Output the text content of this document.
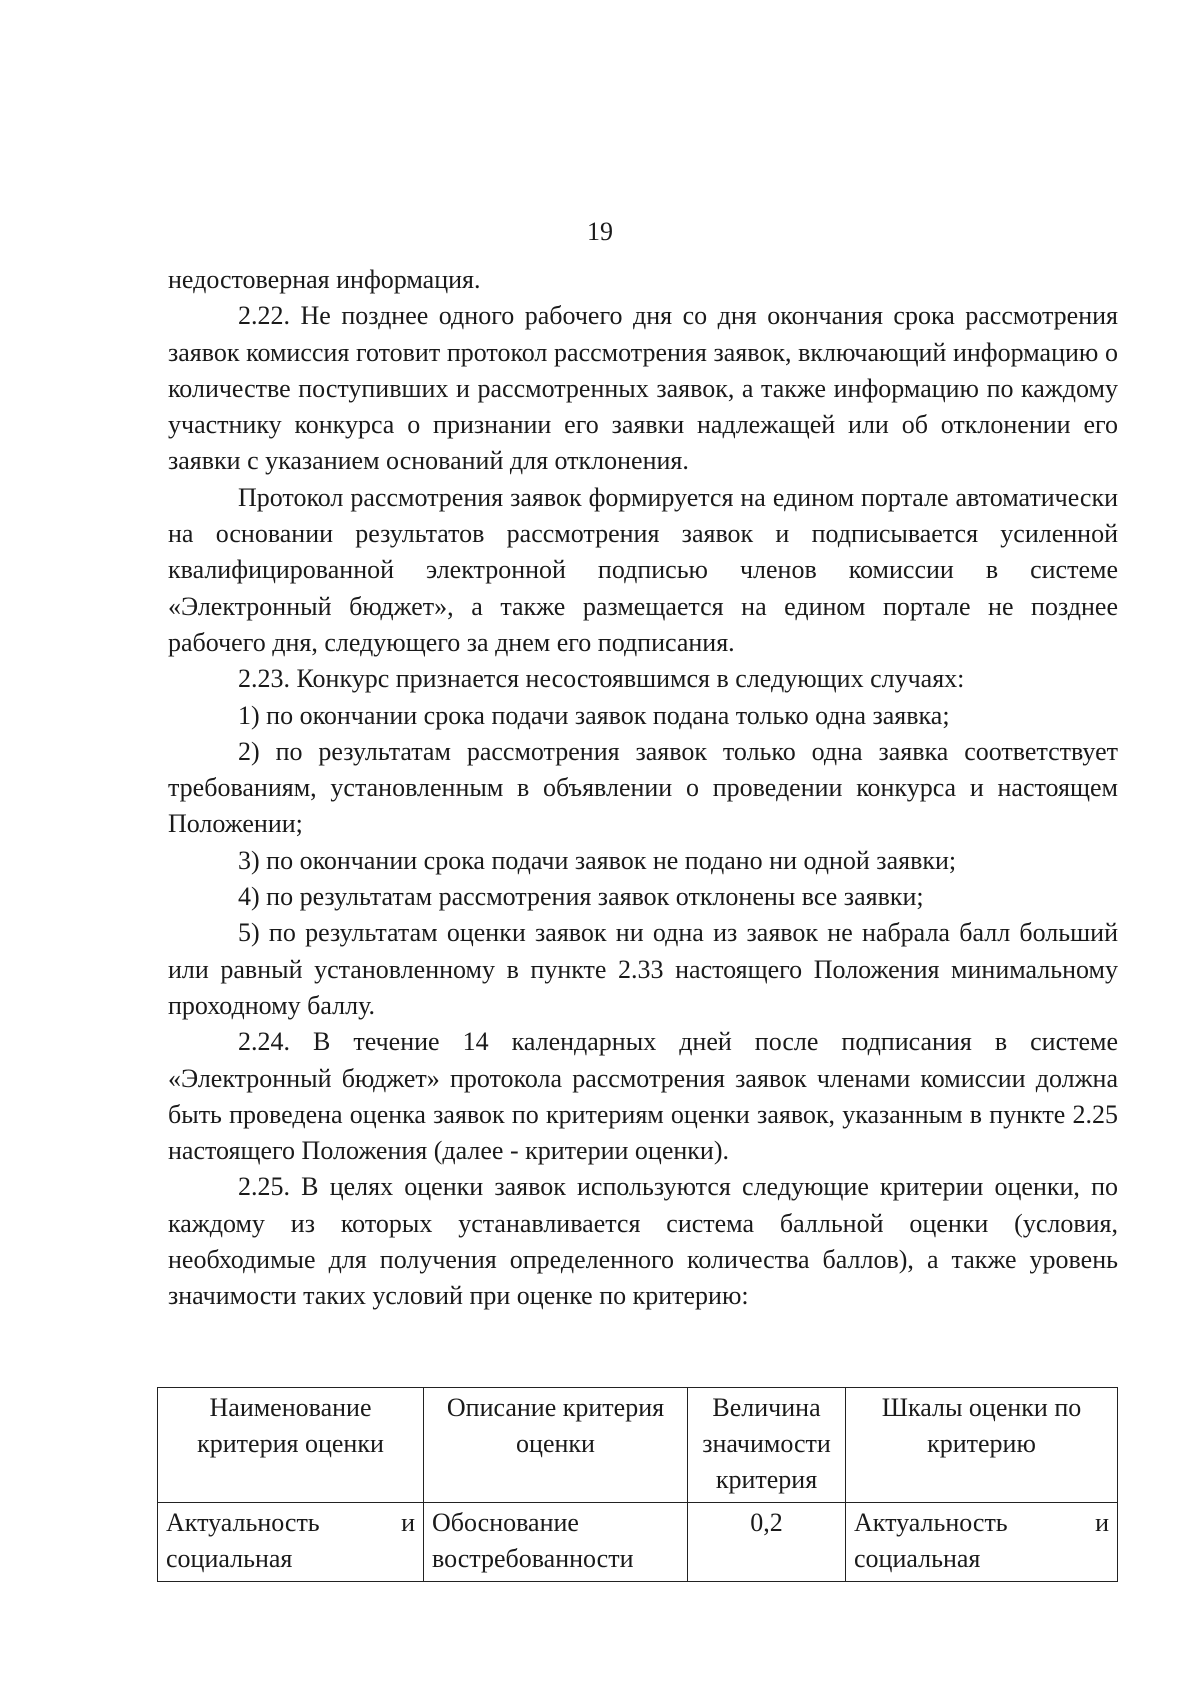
19

недостоверная информация.

2.22. Не позднее одного рабочего дня со дня окончания срока рассмотрения заявок комиссия готовит протокол рассмотрения заявок, включающий информацию о количестве поступивших и рассмотренных заявок, а также информацию по каждому участнику конкурса о признании его заявки надлежащей или об отклонении его заявки с указанием оснований для отклонения.

Протокол рассмотрения заявок формируется на едином портале автоматически на основании результатов рассмотрения заявок и подписывается усиленной квалифицированной электронной подписью членов комиссии в системе «Электронный бюджет», а также размещается на едином портале не позднее рабочего дня, следующего за днем его подписания.

2.23. Конкурс признается несостоявшимся в следующих случаях:

1) по окончании срока подачи заявок подана только одна заявка;

2) по результатам рассмотрения заявок только одна заявка соответствует требованиям, установленным в объявлении о проведении конкурса и настоящем Положении;

3) по окончании срока подачи заявок не подано ни одной заявки;

4) по результатам рассмотрения заявок отклонены все заявки;

5) по результатам оценки заявок ни одна из заявок не набрала балл больший или равный установленному в пункте 2.33 настоящего Положения минимальному проходному баллу.

2.24. В течение 14 календарных дней после подписания в системе «Электронный бюджет» протокола рассмотрения заявок членами комиссии должна быть проведена оценка заявок по критериям оценки заявок, указанным в пункте 2.25 настоящего Положения (далее - критерии оценки).

2.25. В целях оценки заявок используются следующие критерии оценки, по каждому из которых устанавливается система балльной оценки (условия, необходимые для получения определенного количества баллов), а также уровень значимости таких условий при оценке по критерию:

Наименование критерия оценки	Описание критерия оценки	Величина значимости критерия	Шкалы оценки по критерию
Актуальность и социальная	Обоснование востребованности	0,2	Актуальность и социальная
